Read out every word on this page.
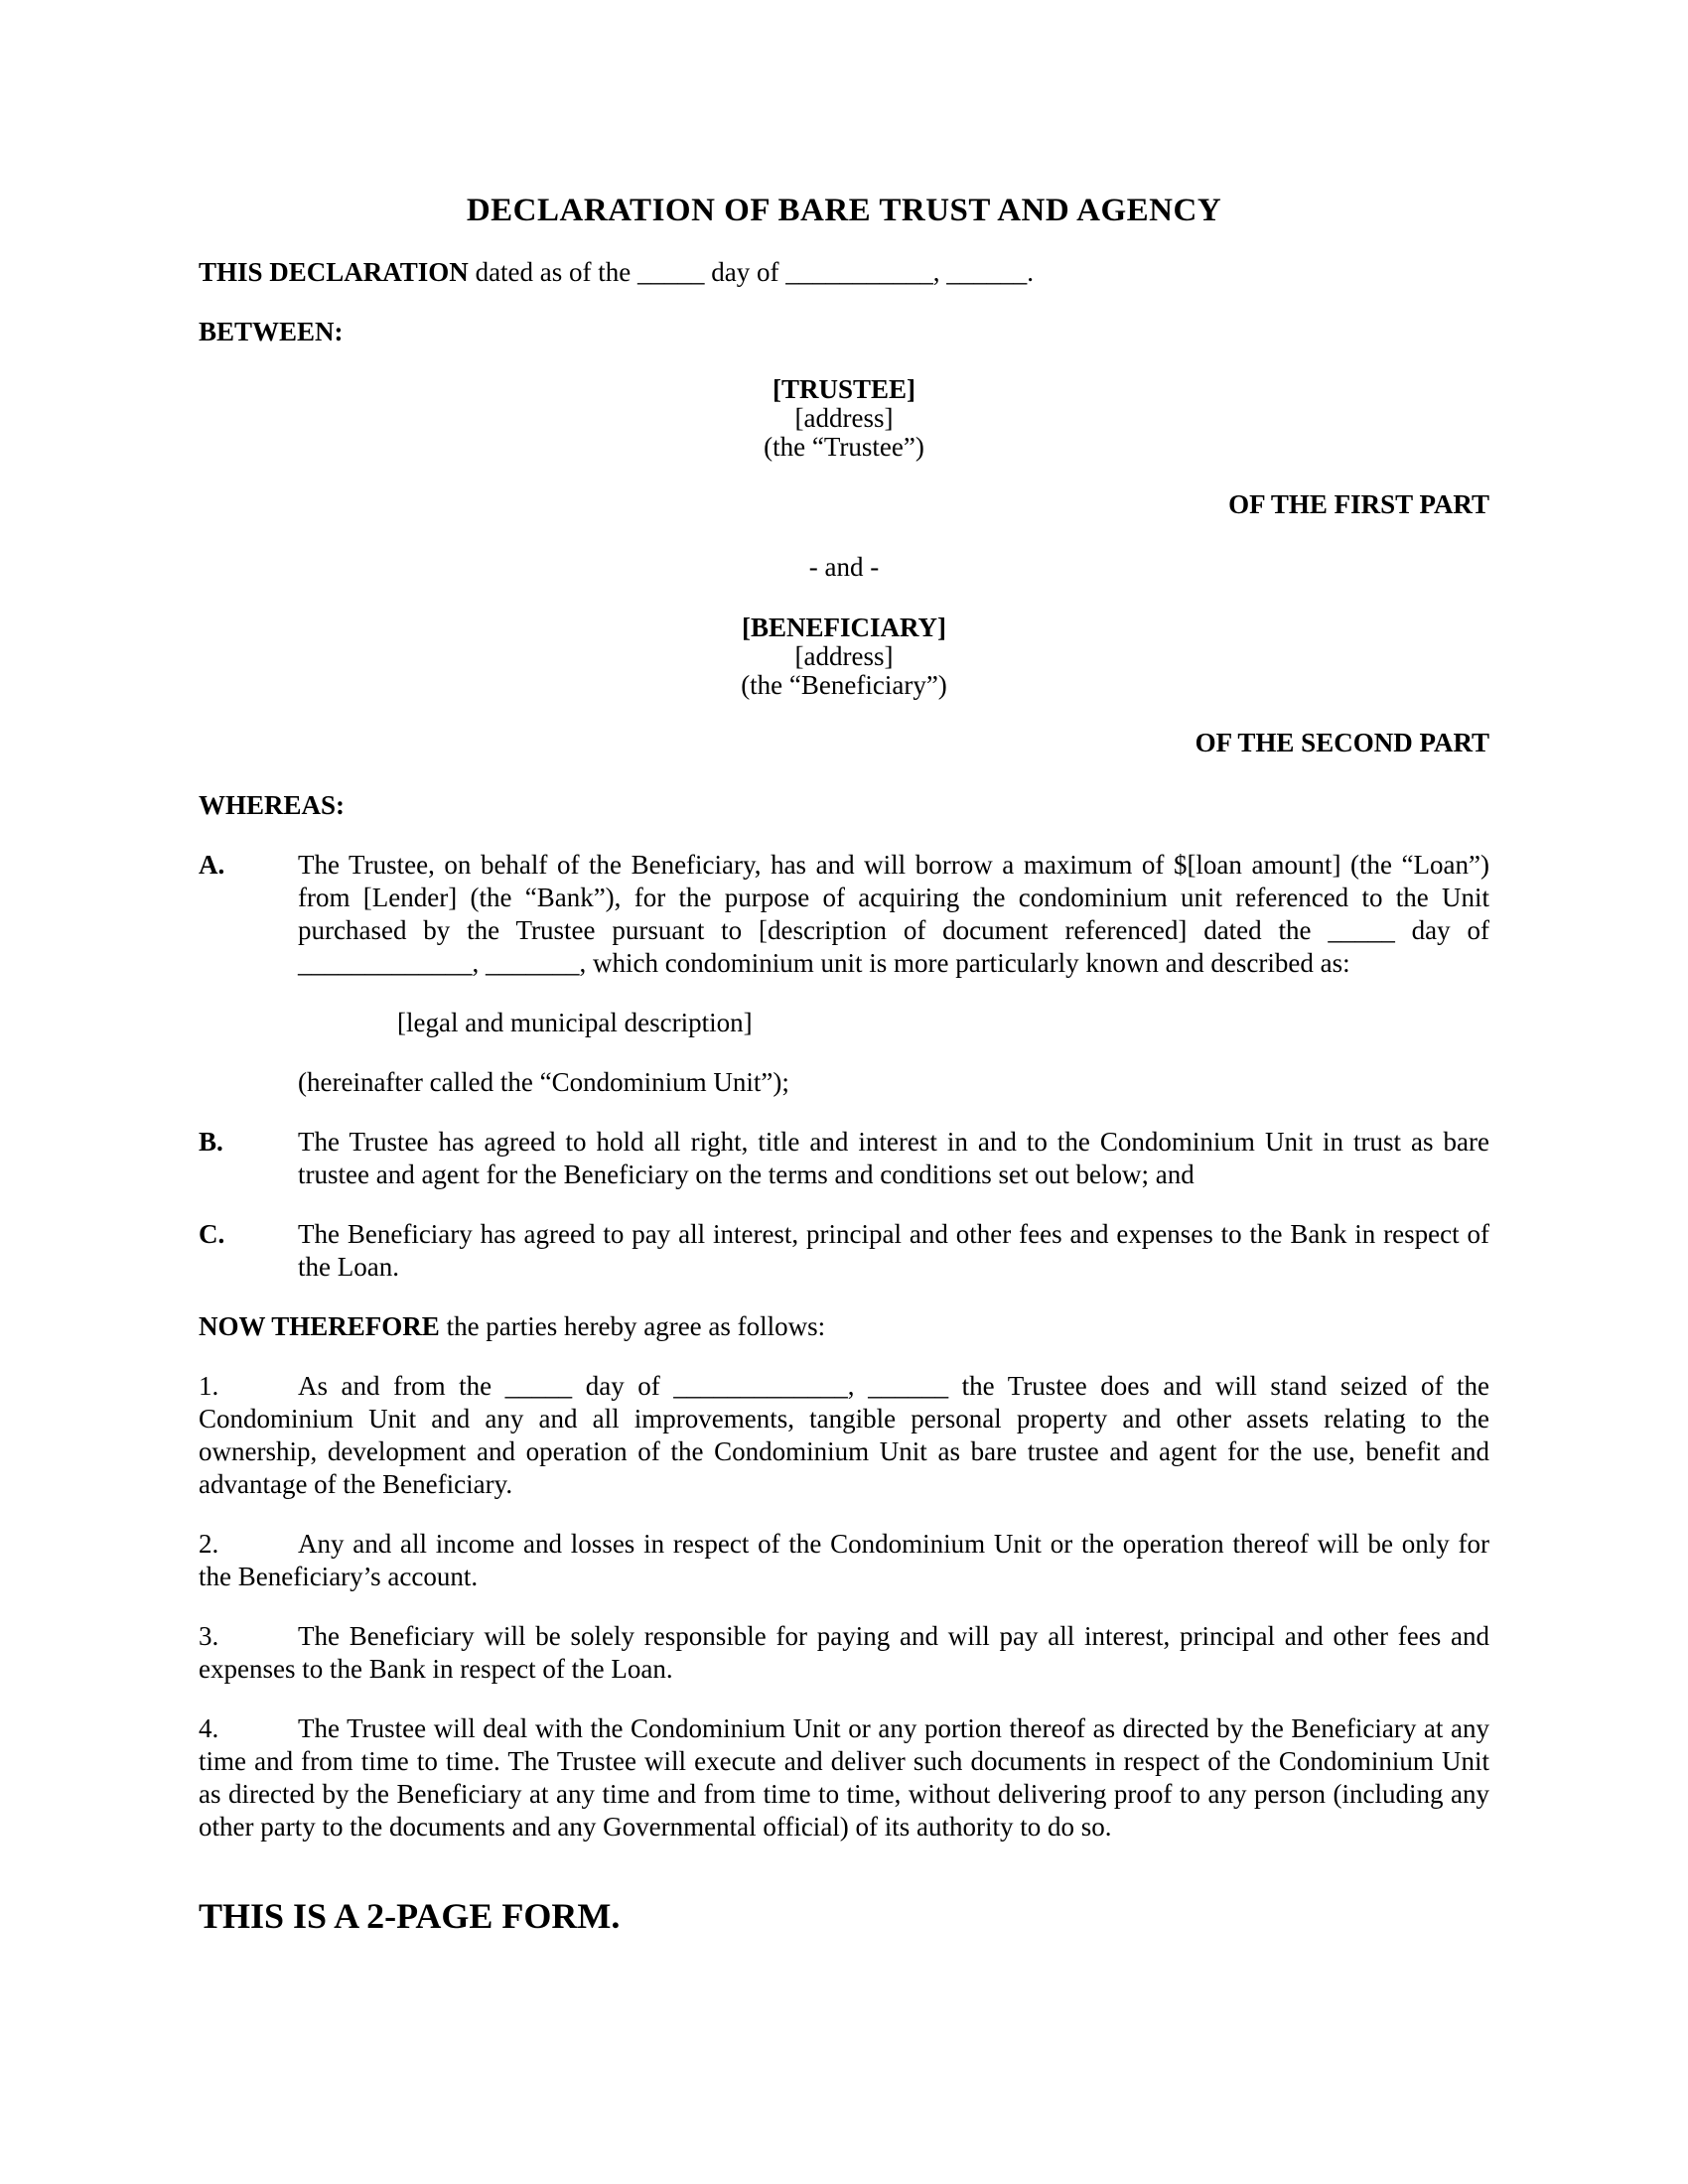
DECLARATION OF BARE TRUST AND AGENCY

THIS DECLARATION dated as of the _____ day of ___________, ______.

BETWEEN:

[TRUSTEE]
[address]
(the “Trustee”)
OF THE FIRST PART
- and -
[BENEFICIARY]
[address]
(the “Beneficiary”)
OF THE SECOND PART

WHEREAS:

A.	The Trustee, on behalf of the Beneficiary, has and will borrow a maximum of $[loan amount] (the “Loan”) from [Lender] (the “Bank”), for the purpose of acquiring the condominium unit referenced to the Unit purchased by the Trustee pursuant to [description of document referenced] dated the _____ day of _____________, _______, which condominium unit is more particularly known and described as:

[legal and municipal description]

(hereinafter called the “Condominium Unit”);

B.	The Trustee has agreed to hold all right, title and interest in and to the Condominium Unit in trust as bare trustee and agent for the Beneficiary on the terms and conditions set out below; and
C.	The Beneficiary has agreed to pay all interest, principal and other fees and expenses to the Bank in respect of the Loan.

NOW THEREFORE the parties hereby agree as follows:

1.	As and from the _____ day of _____________, ______ the Trustee does and will stand seized of the Condominium Unit and any and all improvements, tangible personal property and other assets relating to the ownership, development and operation of the Condominium Unit as bare trustee and agent for the use, benefit and advantage of the Beneficiary.
2.	Any and all income and losses in respect of the Condominium Unit or the operation thereof will be only for the Beneficiary’s account.
3.	The Beneficiary will be solely responsible for paying and will pay all interest, principal and other fees and expenses to the Bank in respect of the Loan.
4.	The Trustee will deal with the Condominium Unit or any portion thereof as directed by the Beneficiary at any time and from time to time. The Trustee will execute and deliver such documents in respect of the Condominium Unit as directed by the Beneficiary at any time and from time to time, without delivering proof to any person (including any other party to the documents and any Governmental official) of its authority to do so.

THIS IS A 2-PAGE FORM.
